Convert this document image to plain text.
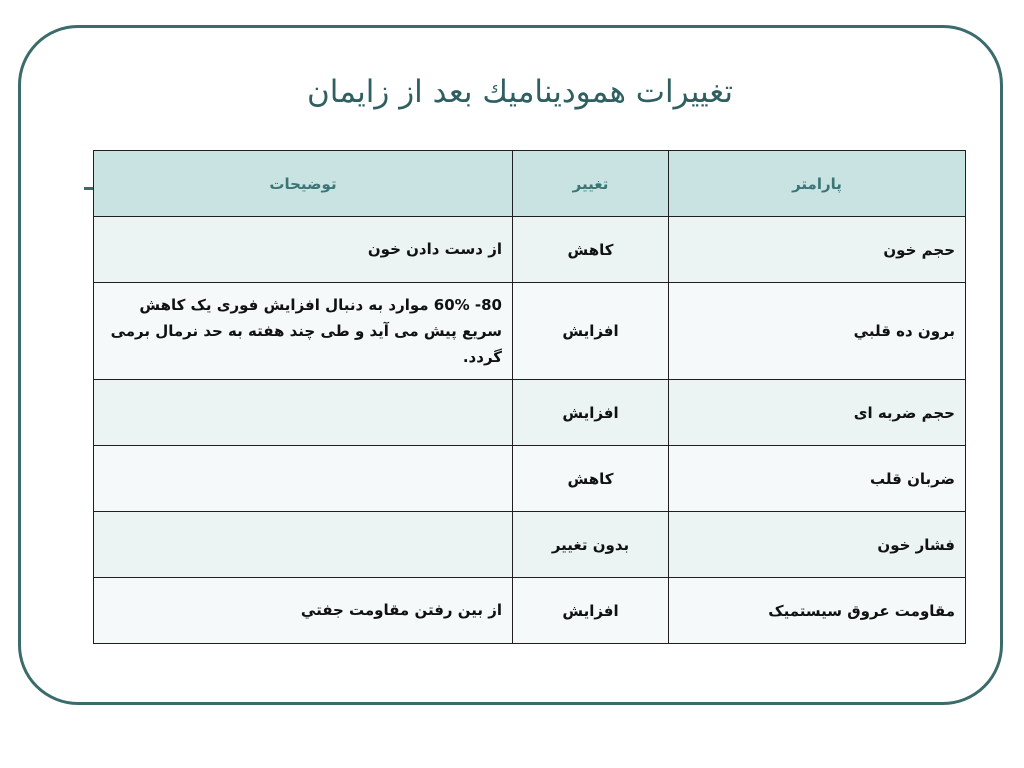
تغییرات همودینامیك بعد از زایمان
پارامتر	تغییر	توضیحات
حجم خون	کاهش	از دست دادن خون
برون ده قلبي	افزایش	80- 60% موارد به دنبال افزایش فوری یک کاهش سریع پیش می آید و طی چند هفته به حد نرمال برمی گردد.
حجم ضربه ای	افزایش	
ضربان قلب	کاهش	
فشار خون	بدون تغيير	
مقاومت عروق سیستمیک	افزایش	از بین رفتن مقاومت جفتي
